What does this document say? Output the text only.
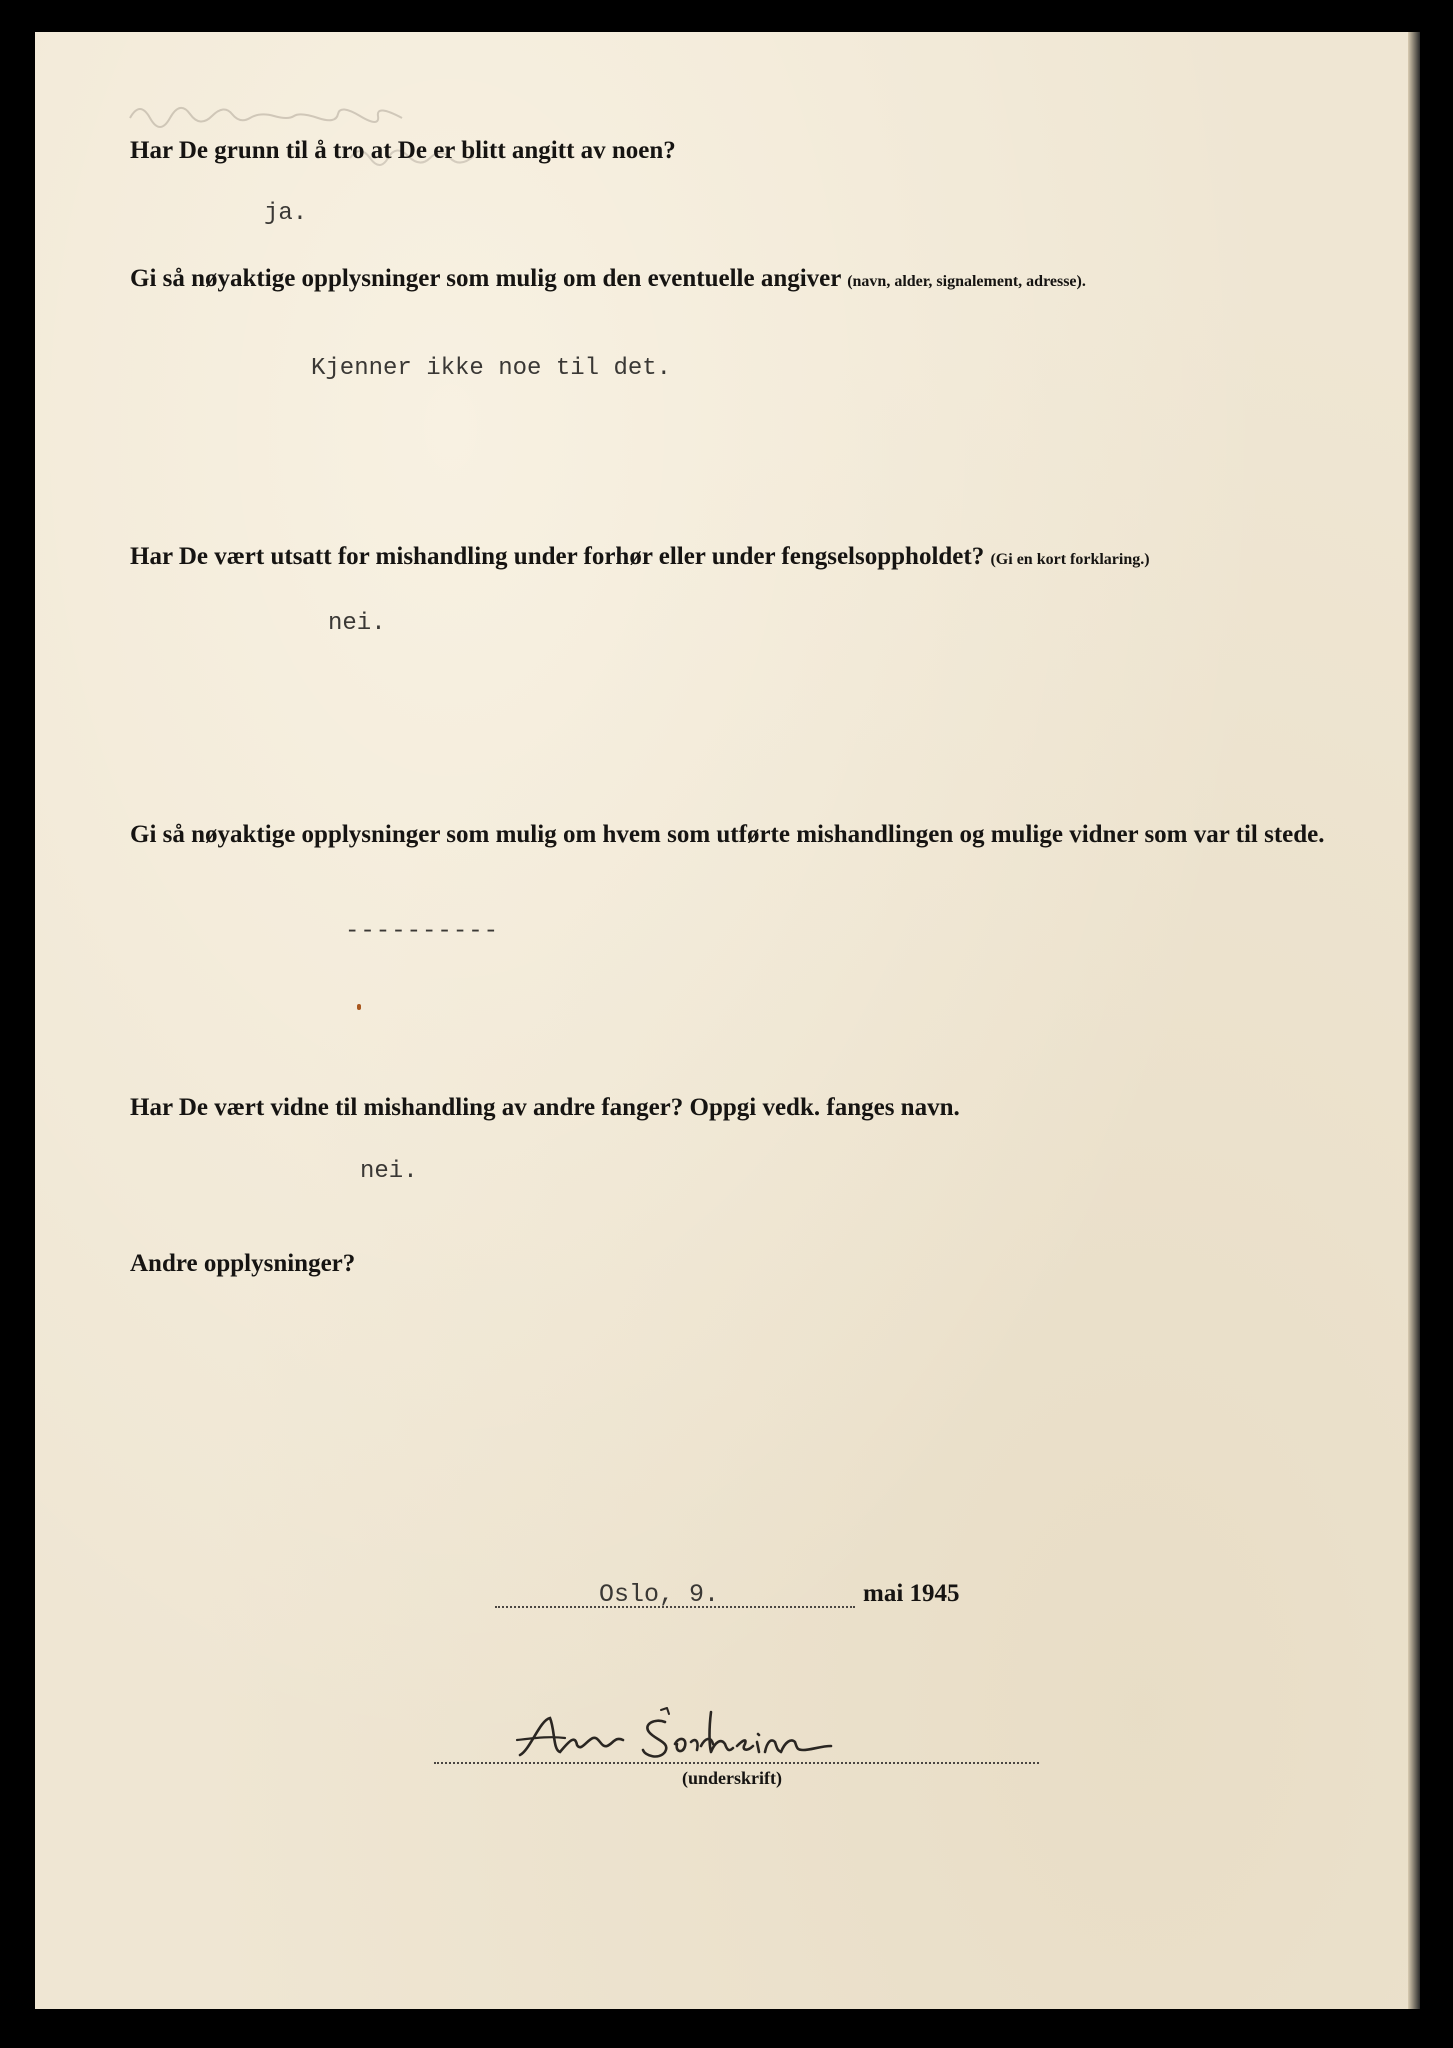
Har De grunn til å tro at De er blitt angitt av noen?
ja.
Gi så nøyaktige opplysninger som mulig om den eventuelle angiver (navn, alder, signalement, adresse).
Kjenner ikke noe til det.
Har De vært utsatt for mishandling under forhør eller under fengselsoppholdet? (Gi en kort forklaring.)
nei.
Gi så nøyaktige opplysninger som mulig om hvem som utførte mishandlingen og mulige vidner som var til stede.
----------
Har De vært vidne til mishandling av andre fanger? Oppgi vedk. fanges navn.
nei.
Andre opplysninger?
Oslo, 9.	mai 1945
(underskrift)
